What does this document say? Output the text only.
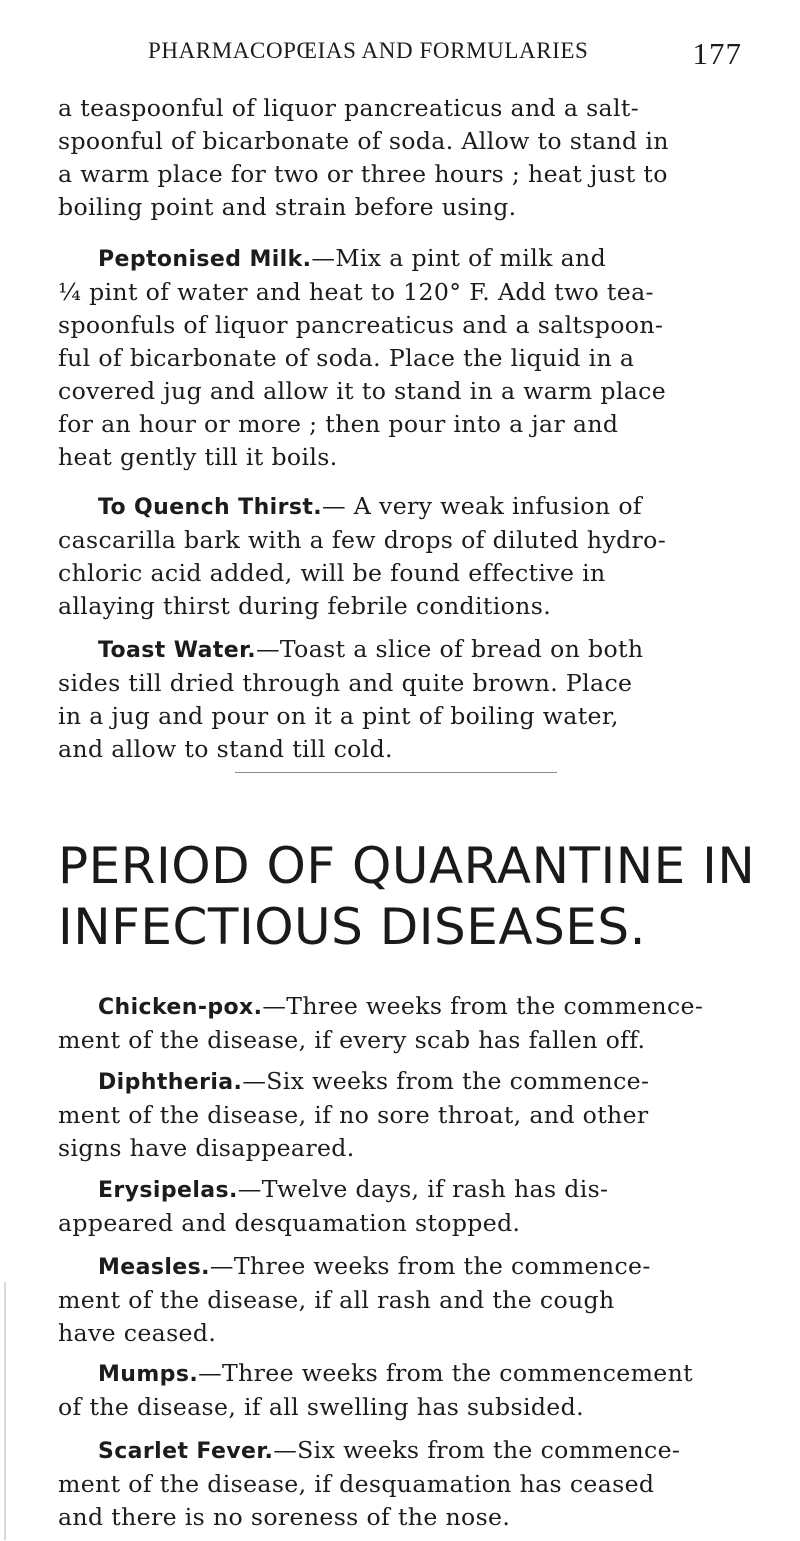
PHARMACOPŒIAS AND FORMULARIES	177

a teaspoonful of liquor pancreaticus and a salt-
spoonful of bicarbonate of soda. Allow to stand in
a warm place for two or three hours ; heat just to
boiling point and strain before using.

Peptonised Milk.—Mix a pint of milk and
¼ pint of water and heat to 120° F. Add two tea-
spoonfuls of liquor pancreaticus and a saltspoon-
ful of bicarbonate of soda. Place the liquid in a
covered jug and allow it to stand in a warm place
for an hour or more ; then pour into a jar and
heat gently till it boils.

To Quench Thirst.— A very weak infusion of
cascarilla bark with a few drops of diluted hydro-
chloric acid added, will be found effective in
allaying thirst during febrile conditions.

Toast Water.—Toast a slice of bread on both
sides till dried through and quite brown. Place
in a jug and pour on it a pint of boiling water,
and allow to stand till cold.

PERIOD OF QUARANTINE IN
INFECTIOUS DISEASES.

Chicken-pox.—Three weeks from the commence-
ment of the disease, if every scab has fallen off.

Diphtheria.—Six weeks from the commence-
ment of the disease, if no sore throat, and other
signs have disappeared.

Erysipelas.—Twelve days, if rash has dis-
appeared and desquamation stopped.

Measles.—Three weeks from the commence-
ment of the disease, if all rash and the cough
have ceased.

Mumps.—Three weeks from the commencement
of the disease, if all swelling has subsided.

Scarlet Fever.—Six weeks from the commence-
ment of the disease, if desquamation has ceased
and there is no soreness of the nose.
